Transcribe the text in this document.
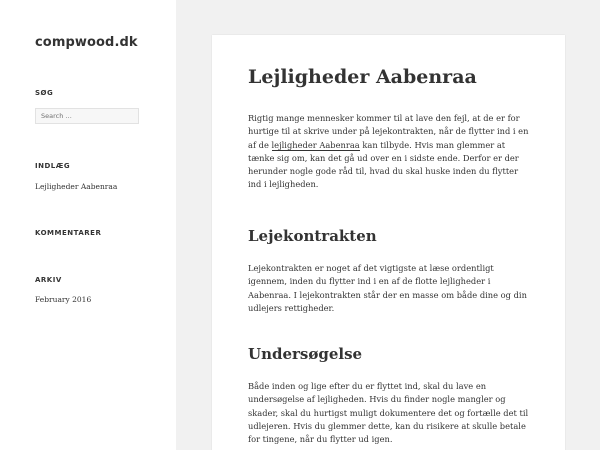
compwood.dk
SØG
Search …
INDLÆG

Lejligheder Aabenraa

KOMMENTARER
ARKIV

February 2016

Lejligheder Aabenraa

Rigtig mange mennesker kommer til at lave den fejl, at de er for hurtige til at skrive under på lejekontrakten, når de flytter ind i en af de lejligheder Aabenraa kan tilbyde. Hvis man glemmer at tænke sig om, kan det gå ud over en i sidste ende. Derfor er der herunder nogle gode råd til, hvad du skal huske inden du flytter ind i lejligheden.

Lejekontrakten

Lejekontrakten er noget af det vigtigste at læse ordentligt igennem, inden du flytter ind i en af de flotte lejligheder i Aabenraa. I lejekontrakten står der en masse om både dine og din udlejers rettigheder.

Undersøgelse

Både inden og lige efter du er flyttet ind, skal du lave en undersøgelse af lejligheden. Hvis du finder nogle mangler og skader, skal du hurtigst muligt dokumentere det og fortælle det til udlejeren. Hvis du glemmer dette, kan du risikere at skulle betale for tingene, når du flytter ud igen.
